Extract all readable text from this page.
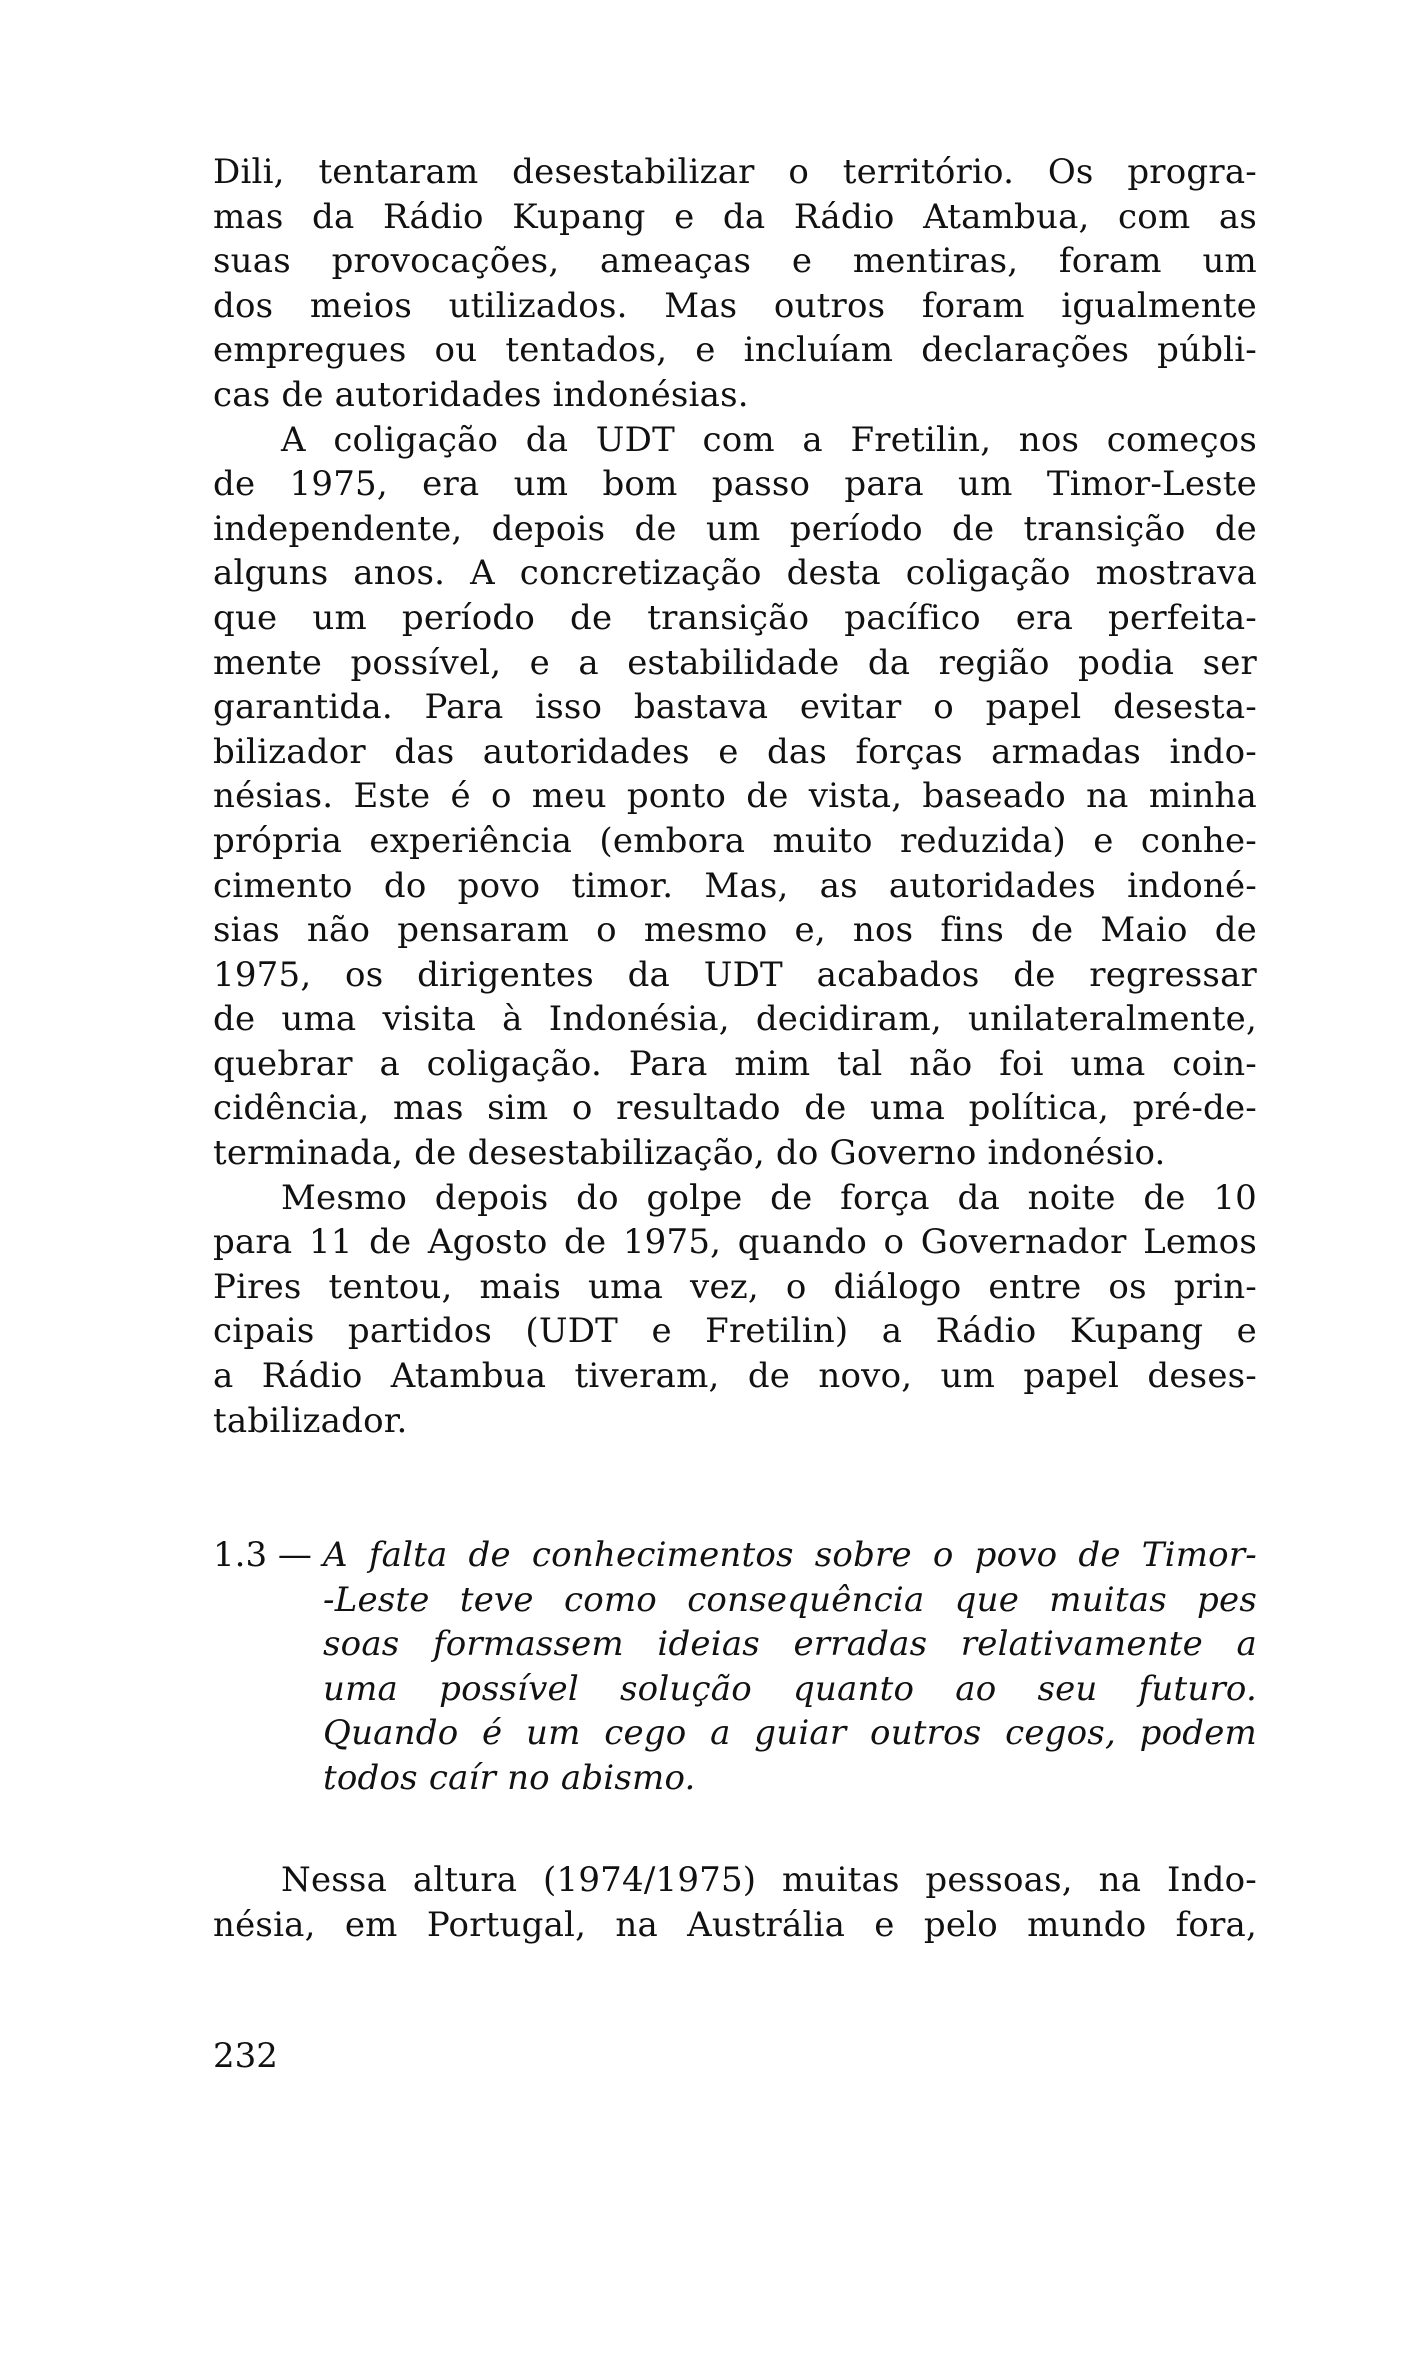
Dili, tentaram desestabilizar o território. Os progra-
mas da Rádio Kupang e da Rádio Atambua, com as
suas provocações, ameaças e mentiras, foram um
dos meios utilizados. Mas outros foram igualmente
empregues ou tentados, e incluíam declarações públi-
cas de autoridades indonésias.
A coligação da UDT com a Fretilin, nos começos
de 1975, era um bom passo para um Timor-Leste
independente, depois de um período de transição de
alguns anos. A concretização desta coligação mostrava
que um período de transição pacífico era perfeita-
mente possível, e a estabilidade da região podia ser
garantida. Para isso bastava evitar o papel desesta-
bilizador das autoridades e das forças armadas indo-
nésias. Este é o meu ponto de vista, baseado na minha
própria experiência (embora muito reduzida) e conhe-
cimento do povo timor. Mas, as autoridades indoné-
sias não pensaram o mesmo e, nos fins de Maio de
1975, os dirigentes da UDT acabados de regressar
de uma visita à Indonésia, decidiram, unilateralmente,
quebrar a coligação. Para mim tal não foi uma coin-
cidência, mas sim o resultado de uma política, pré-de-
terminada, de desestabilização, do Governo indonésio.
Mesmo depois do golpe de força da noite de 10
para 11 de Agosto de 1975, quando o Governador Lemos
Pires tentou, mais uma vez, o diálogo entre os prin-
cipais partidos (UDT e Fretilin) a Rádio Kupang e
a Rádio Atambua tiveram, de novo, um papel deses-
tabilizador.
1.3 — A falta de conhecimentos sobre o povo de Timor-
-Leste teve como consequência que muitas pes
soas formassem ideias erradas relativamente a
uma possível solução quanto ao seu futuro.
Quando é um cego a guiar outros cegos, podem
todos caír no abismo.
Nessa altura (1974/1975) muitas pessoas, na Indo-
nésia, em Portugal, na Austrália e pelo mundo fora,
232
